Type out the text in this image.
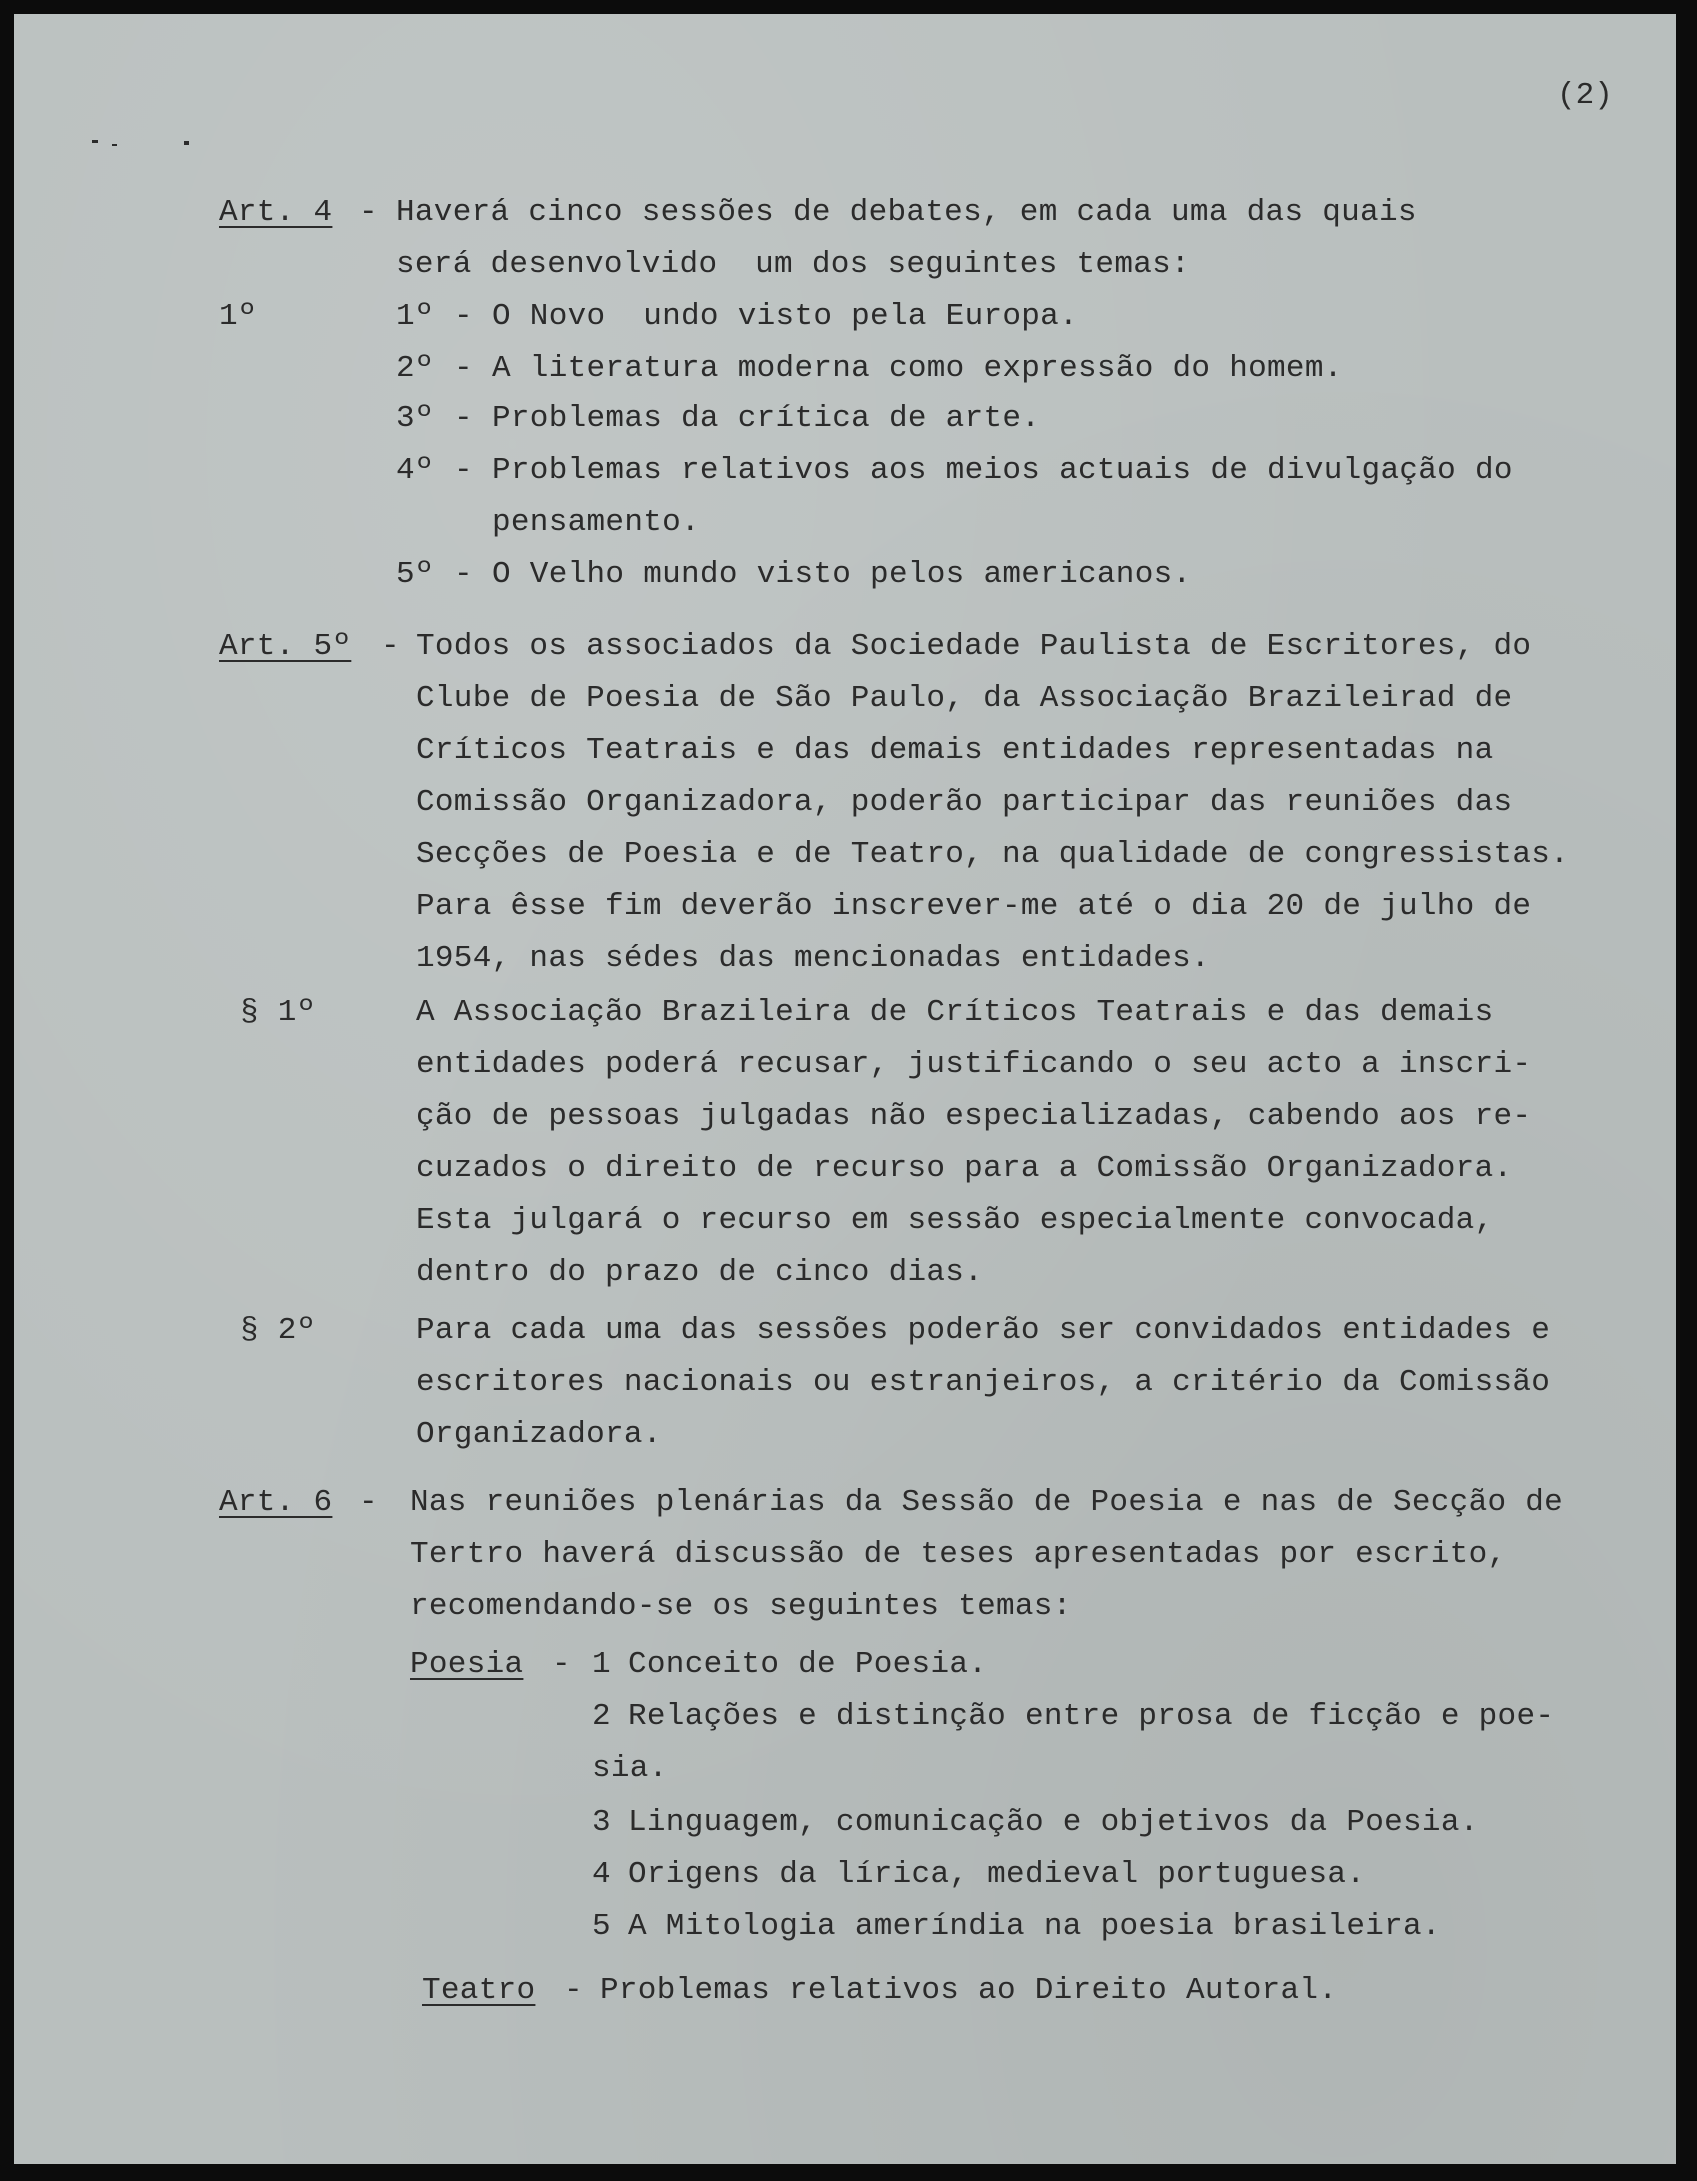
(2)
Art. 4 - Haverá cinco sessões de debates, em cada uma das quais
será desenvolvido  um dos seguintes temas:
1º	1º - O Novo  undo visto pela Europa.
2º - A literatura moderna como expressão do homem.
3º - Problemas da crítica de arte.
4º - Problemas relativos aos meios actuais de divulgação do
pensamento.
5º - O Velho mundo visto pelos americanos.
Art. 5º - Todos os associados da Sociedade Paulista de Escritores, do
Clube de Poesia de São Paulo, da Associação Brazileirad de
Críticos Teatrais e das demais entidades representadas na
Comissão Organizadora, poderão participar das reuniões das
Secções de Poesia e de Teatro, na qualidade de congressistas.
Para êsse fim deverão inscrever-me até o dia 20 de julho de
1954, nas sédes das mencionadas entidades.
§ 1º	A Associação Brazileira de Críticos Teatrais e das demais
entidades poderá recusar, justificando o seu acto a inscri-
ção de pessoas julgadas não especializadas, cabendo aos re-
cuzados o direito de recurso para a Comissão Organizadora.
Esta julgará o recurso em sessão especialmente convocada,
dentro do prazo de cinco dias.
§ 2º	Para cada uma das sessões poderão ser convidados entidades e
escritores nacionais ou estranjeiros, a critério da Comissão
Organizadora.
Art. 6 - Nas reuniões plenárias da Sessão de Poesia e nas de Secção de
Tertro haverá discussão de teses apresentadas por escrito,
recomendando-se os seguintes temas:
Poesia - 1 Conceito de Poesia.
2 Relações e distinção entre prosa de ficção e poe-
sia.
3 Linguagem, comunicação e objetivos da Poesia.
4 Origens da lírica, medieval portuguesa.
5 A Mitologia ameríndia na poesia brasileira.
Teatro - Problemas relativos ao Direito Autoral.
